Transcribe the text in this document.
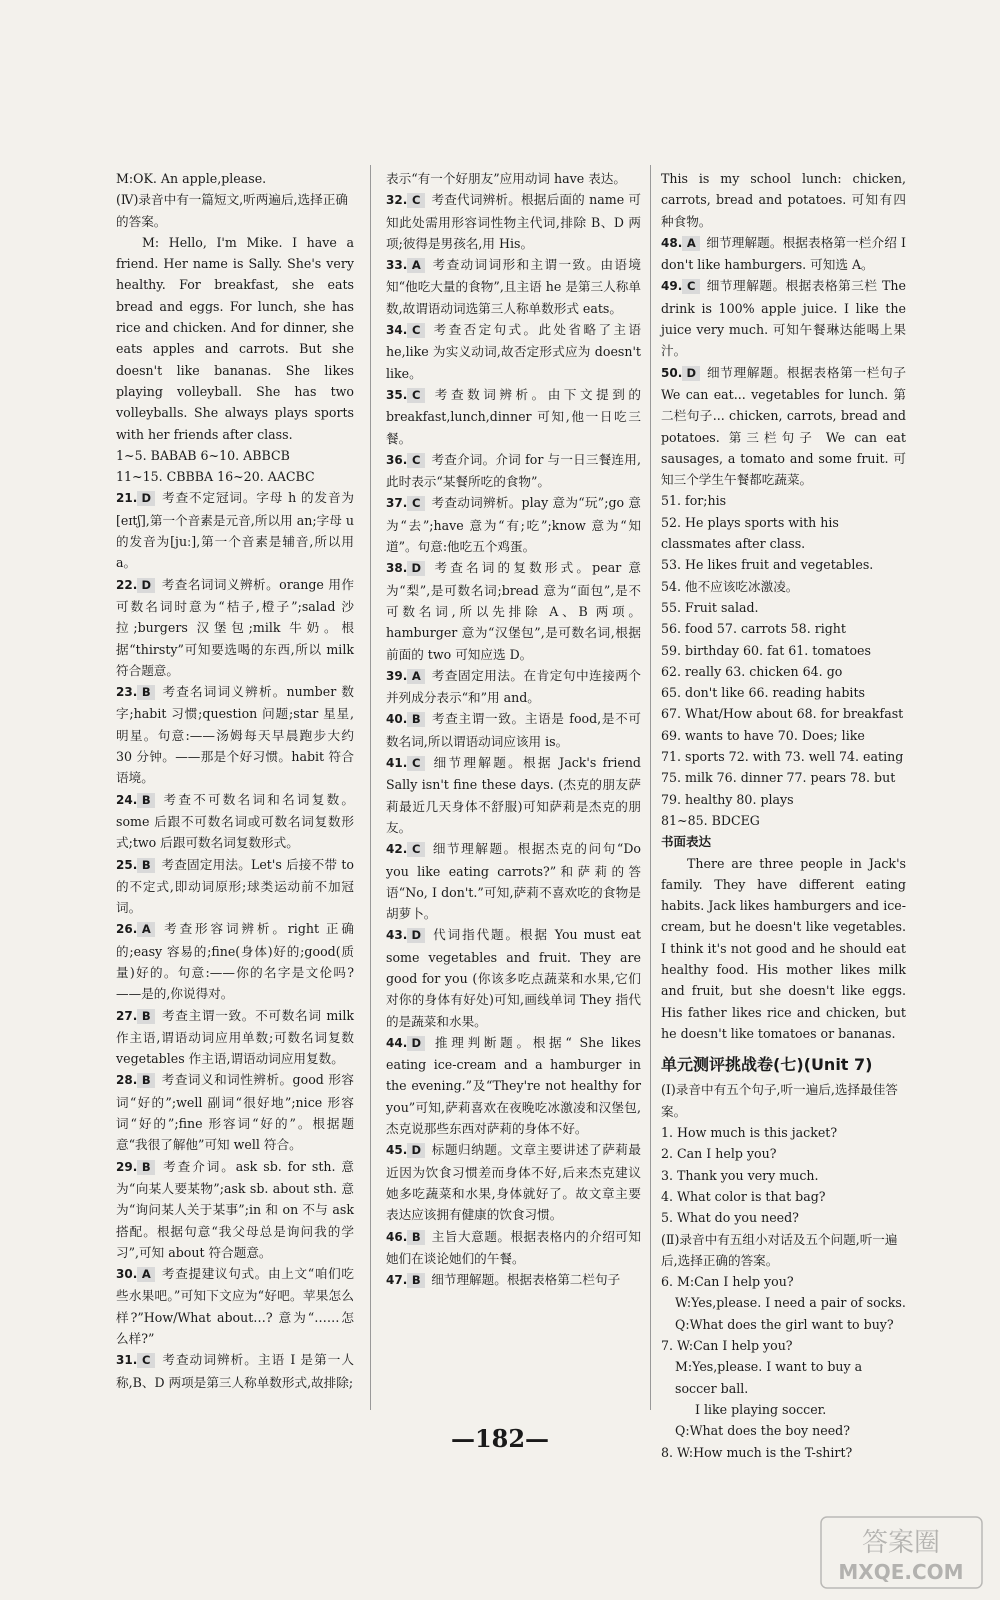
M:OK. An apple,please.
(Ⅳ)录音中有一篇短文,听两遍后,选择正确的答案。
M: Hello, I'm Mike. I have a friend. Her name is Sally. She's very healthy. For breakfast, she eats bread and eggs. For lunch, she has rice and chicken. And for dinner, she eats apples and carrots. But she doesn't like bananas. She likes playing volleyball. She has two volleyballs. She always plays sports with her friends after class.
1~5. BABAB 6~10. ABBCB
11~15. CBBBA 16~20. AACBC
21. D 考查不定冠词。字母 h 的发音为[eɪtʃ],第一个音素是元音,所以用 an;字母 u 的发音为[juː],第一个音素是辅音,所以用 a。
22. D 考查名词词义辨析。orange 用作可数名词时意为“桔子,橙子”;salad 沙拉;burgers 汉堡包;milk 牛奶。根据“thirsty”可知要选喝的东西,所以 milk 符合题意。
23. B 考查名词词义辨析。number 数字;habit 习惯;question 问题;star 星星,明星。句意:——汤姆每天早晨跑步大约 30 分钟。——那是个好习惯。habit 符合语境。
24. B 考查不可数名词和名词复数。some 后跟不可数名词或可数名词复数形式;two 后跟可数名词复数形式。
25. B 考查固定用法。Let's 后接不带 to 的不定式,即动词原形;球类运动前不加冠词。
26. A 考查形容词辨析。right 正确的;easy 容易的;fine(身体)好的;good(质量)好的。句意:——你的名字是文伦吗?——是的,你说得对。
27. B 考查主谓一致。不可数名词 milk 作主语,谓语动词应用单数;可数名词复数 vegetables 作主语,谓语动词应用复数。
28. B 考查词义和词性辨析。good 形容词“好的”;well 副词“很好地”;nice 形容词“好的”;fine 形容词“好的”。根据题意“我很了解他”可知 well 符合。
29. B 考查介词。ask sb. for sth. 意为“向某人要某物”;ask sb. about sth. 意为“询问某人关于某事”;in 和 on 不与 ask 搭配。根据句意“我父母总是询问我的学习”,可知 about 符合题意。
30. A 考查提建议句式。由上文“咱们吃些水果吧。”可知下文应为“好吧。苹果怎么样?”How/What about…? 意为“……怎么样?”
31. C 考查动词辨析。主语 I 是第一人称,B、D 两项是第三人称单数形式,故排除;
表示“有一个好朋友”应用动词 have 表达。
32. C 考查代词辨析。根据后面的 name 可知此处需用形容词性物主代词,排除 B、D 两项;彼得是男孩名,用 His。
33. A 考查动词词形和主谓一致。由语境知“他吃大量的食物”,且主语 he 是第三人称单数,故谓语动词选第三人称单数形式 eats。
34. C 考查否定句式。此处省略了主语 he,like 为实义动词,故否定形式应为 doesn't like。
35. C 考查数词辨析。由下文提到的 breakfast,lunch,dinner 可知,他一日吃三餐。
36. C 考查介词。介词 for 与一日三餐连用,此时表示“某餐所吃的食物”。
37. C 考查动词辨析。play 意为“玩”;go 意为“去”;have 意为“有;吃”;know 意为“知道”。句意:他吃五个鸡蛋。
38. D 考查名词的复数形式。pear 意为“梨”,是可数名词;bread 意为“面包”,是不可数名词,所以先排除 A、B 两项。hamburger 意为“汉堡包”,是可数名词,根据前面的 two 可知应选 D。
39. A 考查固定用法。在肯定句中连接两个并列成分表示“和”用 and。
40. B 考查主谓一致。主语是 food,是不可数名词,所以谓语动词应该用 is。
41. C 细节理解题。根据 Jack's friend Sally isn't fine these days. (杰克的朋友萨莉最近几天身体不舒服)可知萨莉是杰克的朋友。
42. C 细节理解题。根据杰克的问句“Do you like eating carrots?”和萨莉的答语“No, I don't.”可知,萨莉不喜欢吃的食物是胡萝卜。
43. D 代词指代题。根据 You must eat some vegetables and fruit. They are good for you (你该多吃点蔬菜和水果,它们对你的身体有好处)可知,画线单词 They 指代的是蔬菜和水果。
44. D 推理判断题。根据“ She likes eating ice-cream and a hamburger in the evening.”及“They're not healthy for you”可知,萨莉喜欢在夜晚吃冰激凌和汉堡包,杰克说那些东西对萨莉的身体不好。
45. D 标题归纳题。文章主要讲述了萨莉最近因为饮食习惯差而身体不好,后来杰克建议她多吃蔬菜和水果,身体就好了。故文章主要表达应该拥有健康的饮食习惯。
46. B 主旨大意题。根据表格内的介绍可知她们在谈论她们的午餐。
47. B 细节理解题。根据表格第二栏句子
This is my school lunch: chicken, carrots, bread and potatoes. 可知有四种食物。
48. A 细节理解题。根据表格第一栏介绍 I don't like hamburgers. 可知选 A。
49. C 细节理解题。根据表格第三栏 The drink is 100% apple juice. I like the juice very much. 可知午餐琳达能喝上果汁。
50. D 细节理解题。根据表格第一栏句子 We can eat... vegetables for lunch. 第二栏句子... chicken, carrots, bread and potatoes. 第三栏句子 We can eat sausages, a tomato and some fruit. 可知三个学生午餐都吃蔬菜。
51. for;his
52. He plays sports with his classmates after class.
53. He likes fruit and vegetables.
54. 他不应该吃冰激凌。
55. Fruit salad.
56. food 57. carrots 58. right
59. birthday 60. fat 61. tomatoes
62. really 63. chicken 64. go
65. don't like 66. reading habits
67. What/How about 68. for breakfast
69. wants to have 70. Does; like
71. sports 72. with 73. well 74. eating
75. milk 76. dinner 77. pears 78. but
79. healthy 80. plays
81~85. BDCEG
书面表达
There are three people in Jack's family. They have different eating habits. Jack likes hamburgers and ice-cream, but he doesn't like vegetables. I think it's not good and he should eat healthy food. His mother likes milk and fruit, but she doesn't like eggs. His father likes rice and chicken, but he doesn't like tomatoes or bananas.
单元测评挑战卷(七)(Unit 7)
(Ⅰ)录音中有五个句子,听一遍后,选择最佳答案。
1. How much is this jacket?
2. Can I help you?
3. Thank you very much.
4. What color is that bag?
5. What do you need?
(Ⅱ)录音中有五组小对话及五个问题,听一遍后,选择正确的答案。
6. M:Can I help you?
W:Yes,please. I need a pair of socks.
Q:What does the girl want to buy?
7. W:Can I help you?
M:Yes,please. I want to buy a soccer ball.
I like playing soccer.
Q:What does the boy need?
8. W:How much is the T-shirt?
—182—
答案圈
MXQE.COM
